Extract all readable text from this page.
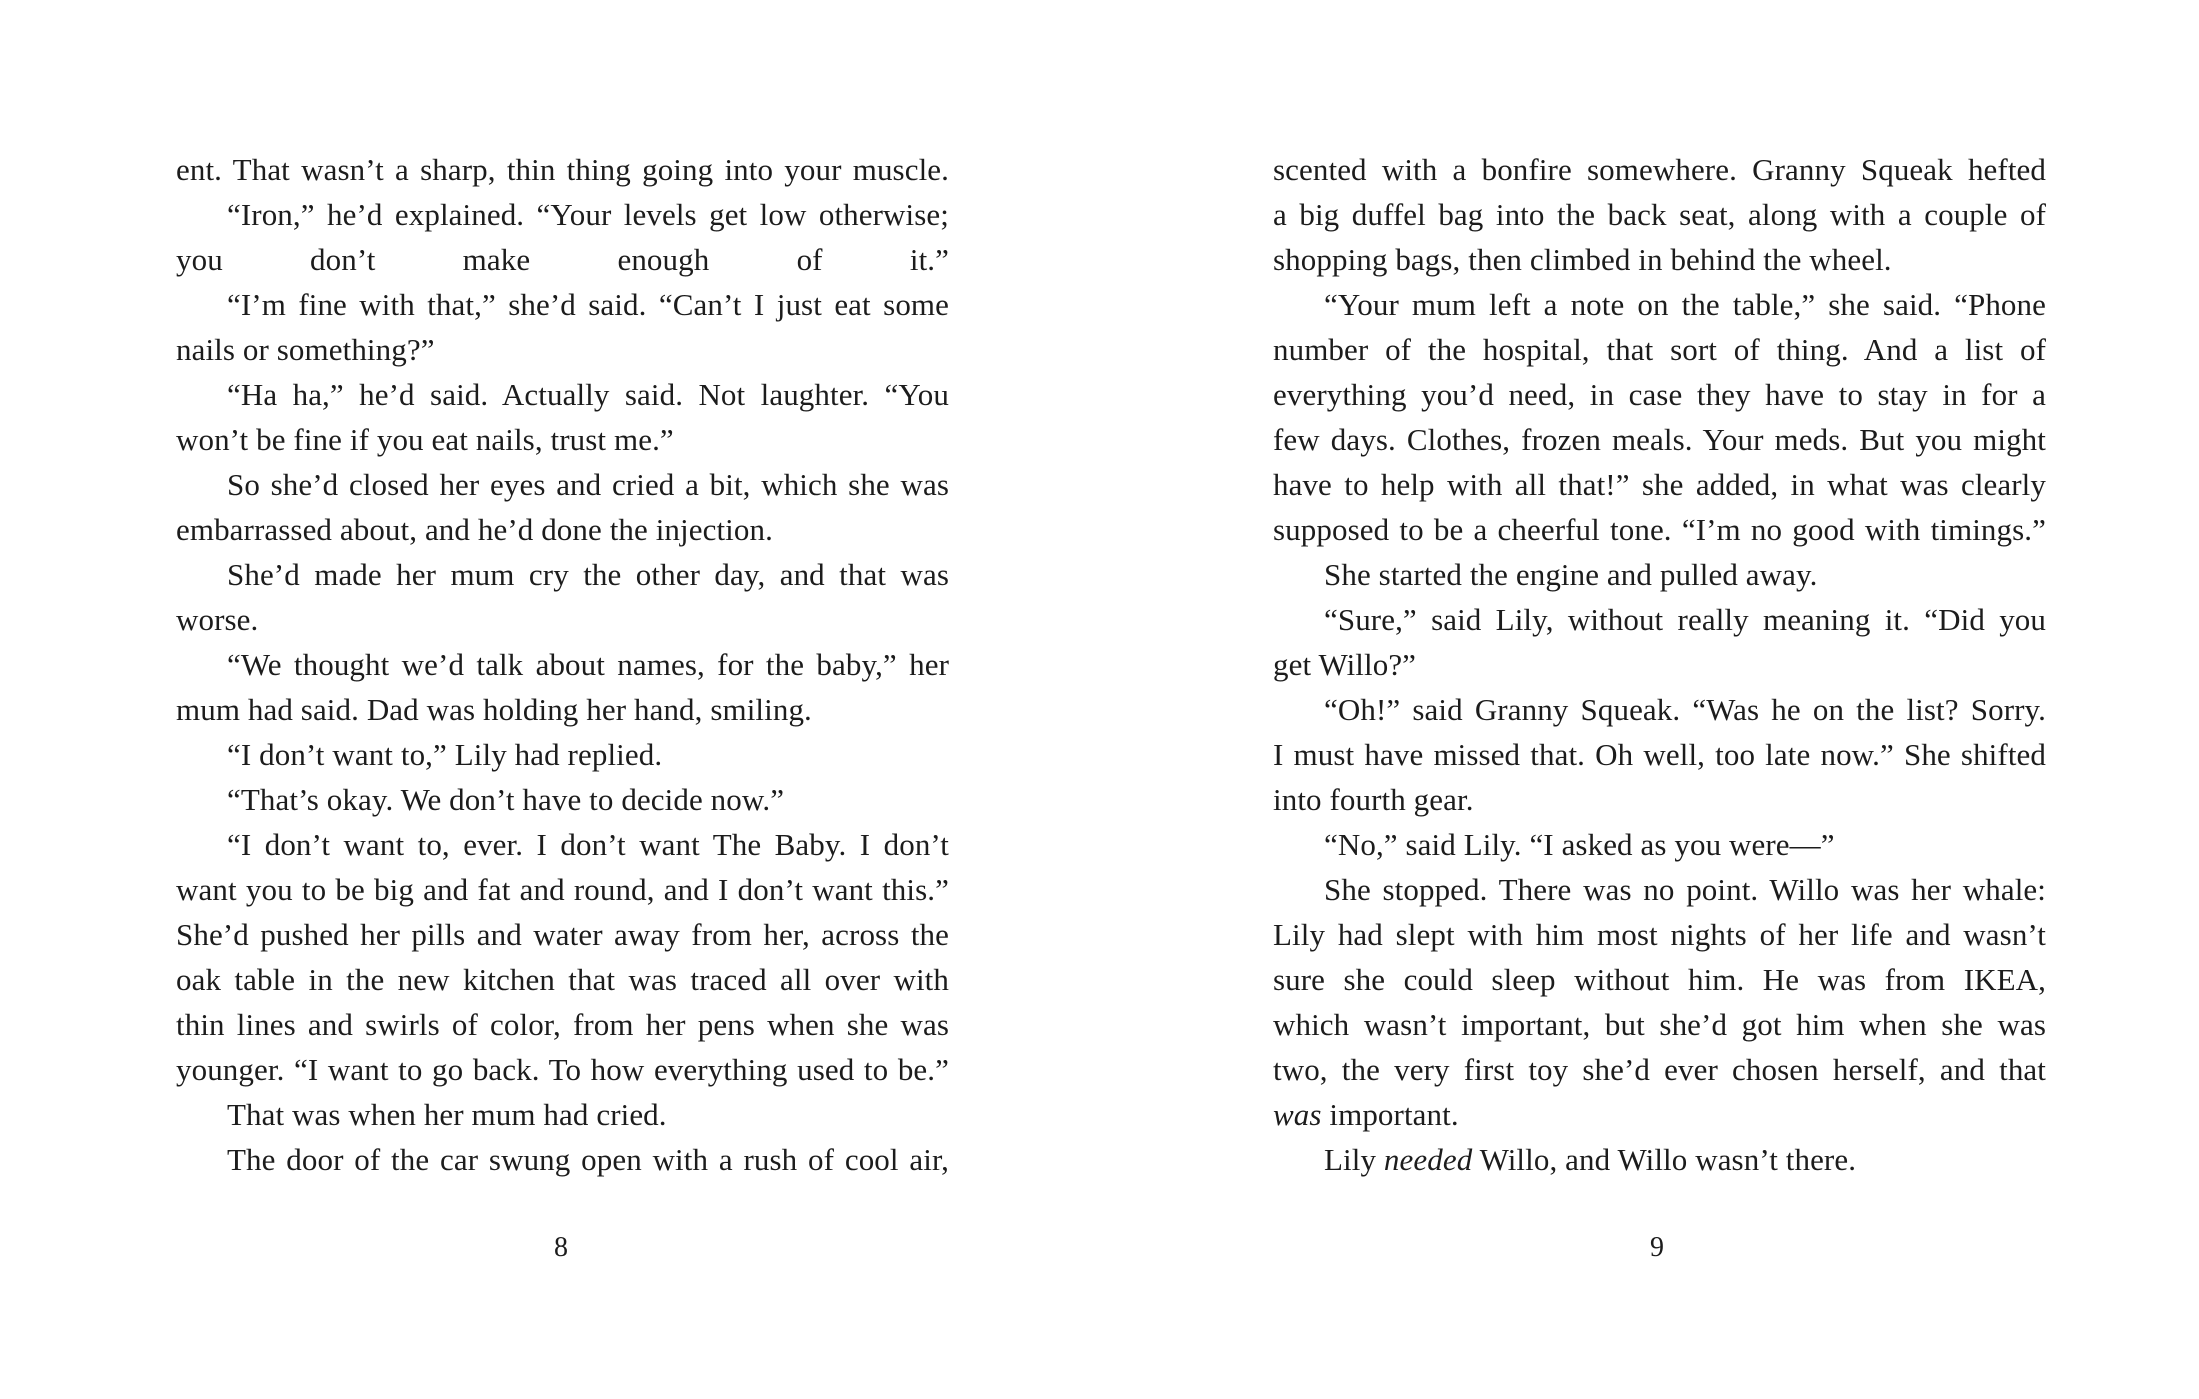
ent. That wasn’t a sharp, thin thing going into your muscle.
“Iron,” he’d explained. “Your levels get low otherwise;
you don’t make enough of it.”
“I’m fine with that,” she’d said. “Can’t I just eat some
nails or something?”
“Ha ha,” he’d said. Actually said. Not laughter. “You
won’t be fine if you eat nails, trust me.”
So she’d closed her eyes and cried a bit, which she was
embarrassed about, and he’d done the injection.
She’d made her mum cry the other day, and that was
worse.
“We thought we’d talk about names, for the baby,” her
mum had said. Dad was holding her hand, smiling.
“I don’t want to,” Lily had replied.
“That’s okay. We don’t have to decide now.”
“I don’t want to, ever. I don’t want The Baby. I don’t
want you to be big and fat and round, and I don’t want this.”
She’d pushed her pills and water away from her, across the
oak table in the new kitchen that was traced all over with
thin lines and swirls of color, from her pens when she was
younger. “I want to go back. To how everything used to be.”
That was when her mum had cried.
The door of the car swung open with a rush of cool air,
scented with a bonfire somewhere. Granny Squeak hefted
a big duffel bag into the back seat, along with a couple of
shopping bags, then climbed in behind the wheel.
“Your mum left a note on the table,” she said. “Phone
number of the hospital, that sort of thing. And a list of
everything you’d need, in case they have to stay in for a
few days. Clothes, frozen meals. Your meds. But you might
have to help with all that!” she added, in what was clearly
supposed to be a cheerful tone. “I’m no good with timings.”
She started the engine and pulled away.
“Sure,” said Lily, without really meaning it. “Did you
get Willo?”
“Oh!” said Granny Squeak. “Was he on the list? Sorry.
I must have missed that. Oh well, too late now.” She shifted
into fourth gear.
“No,” said Lily. “I asked as you were—”
She stopped. There was no point. Willo was her whale:
Lily had slept with him most nights of her life and wasn’t
sure she could sleep without him. He was from IKEA,
which wasn’t important, but she’d got him when she was
two, the very first toy she’d ever chosen herself, and that
was important.
Lily needed Willo, and Willo wasn’t there.
8	9
